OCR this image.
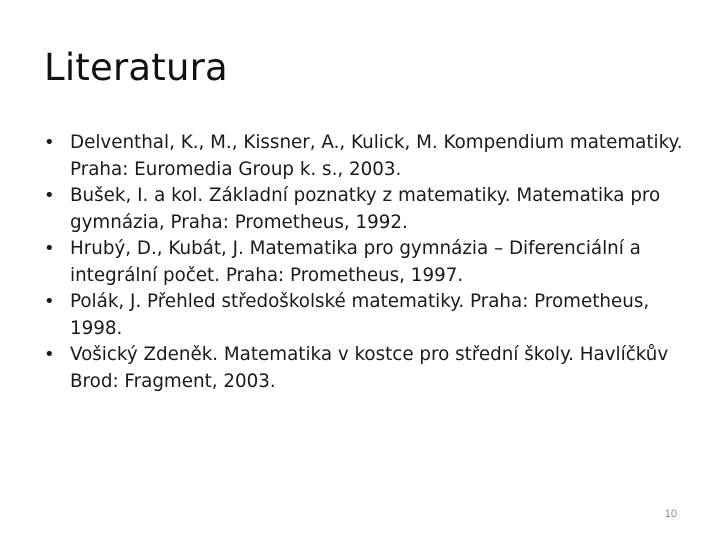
Literatura
• Delventhal, K., M., Kissner, A., Kulick, M. Kompendium matematiky. Praha: Euromedia Group k. s., 2003.
• Bušek, I. a kol. Základní poznatky z matematiky. Matematika pro gymnázia, Praha: Prometheus, 1992.
• Hrubý, D., Kubát, J. Matematika pro gymnázia – Diferenciální a integrální počet. Praha: Prometheus, 1997.
• Polák, J. Přehled středoškolské matematiky. Praha: Prometheus, 1998.
• Vošický Zdeněk. Matematika v kostce pro střední školy. Havlíčkův Brod: Fragment, 2003.
10
